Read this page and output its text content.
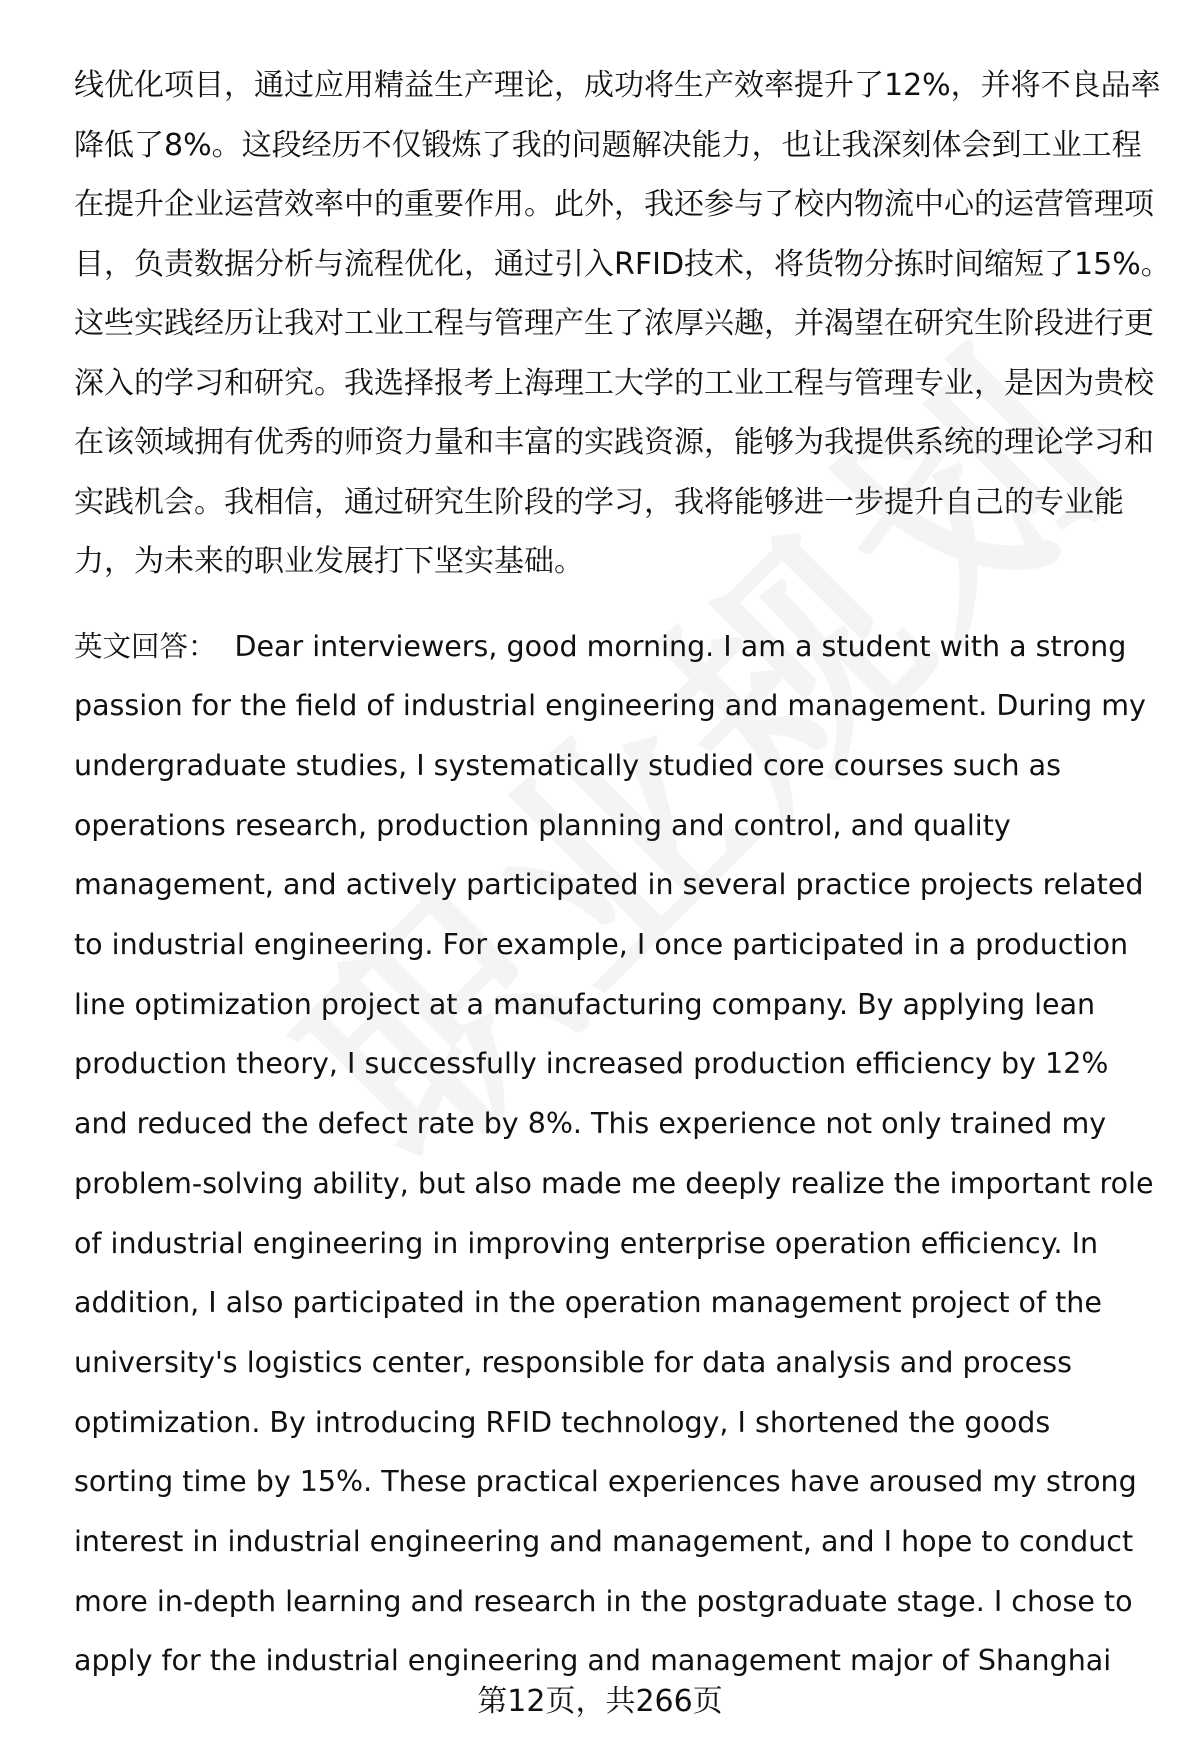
线优化项目，通过应用精益生产理论，成功将生产效率提升了12%，并将不良品率
降低了8%。这段经历不仅锻炼了我的问题解决能力，也让我深刻体会到工业工程
在提升企业运营效率中的重要作用。此外，我还参与了校内物流中心的运营管理项
目，负责数据分析与流程优化，通过引入RFID技术，将货物分拣时间缩短了15%。
这些实践经历让我对工业工程与管理产生了浓厚兴趣，并渴望在研究生阶段进行更
深入的学习和研究。我选择报考上海理工大学的工业工程与管理专业，是因为贵校
在该领域拥有优秀的师资力量和丰富的实践资源，能够为我提供系统的理论学习和
实践机会。我相信，通过研究生阶段的学习，我将能够进一步提升自己的专业能
力，为未来的职业发展打下坚实基础。

英文回答： Dear interviewers, good morning. I am a student with a strong
passion for the field of industrial engineering and management. During my
undergraduate studies, I systematically studied core courses such as
operations research, production planning and control, and quality
management, and actively participated in several practice projects related
to industrial engineering. For example, I once participated in a production
line optimization project at a manufacturing company. By applying lean
production theory, I successfully increased production efficiency by 12%
and reduced the defect rate by 8%. This experience not only trained my
problem-solving ability, but also made me deeply realize the important role
of industrial engineering in improving enterprise operation efficiency. In
addition, I also participated in the operation management project of the
university's logistics center, responsible for data analysis and process
optimization. By introducing RFID technology, I shortened the goods
sorting time by 15%. These practical experiences have aroused my strong
interest in industrial engineering and management, and I hope to conduct
more in-depth learning and research in the postgraduate stage. I chose to
apply for the industrial engineering and management major of Shanghai

第12页，共266页
